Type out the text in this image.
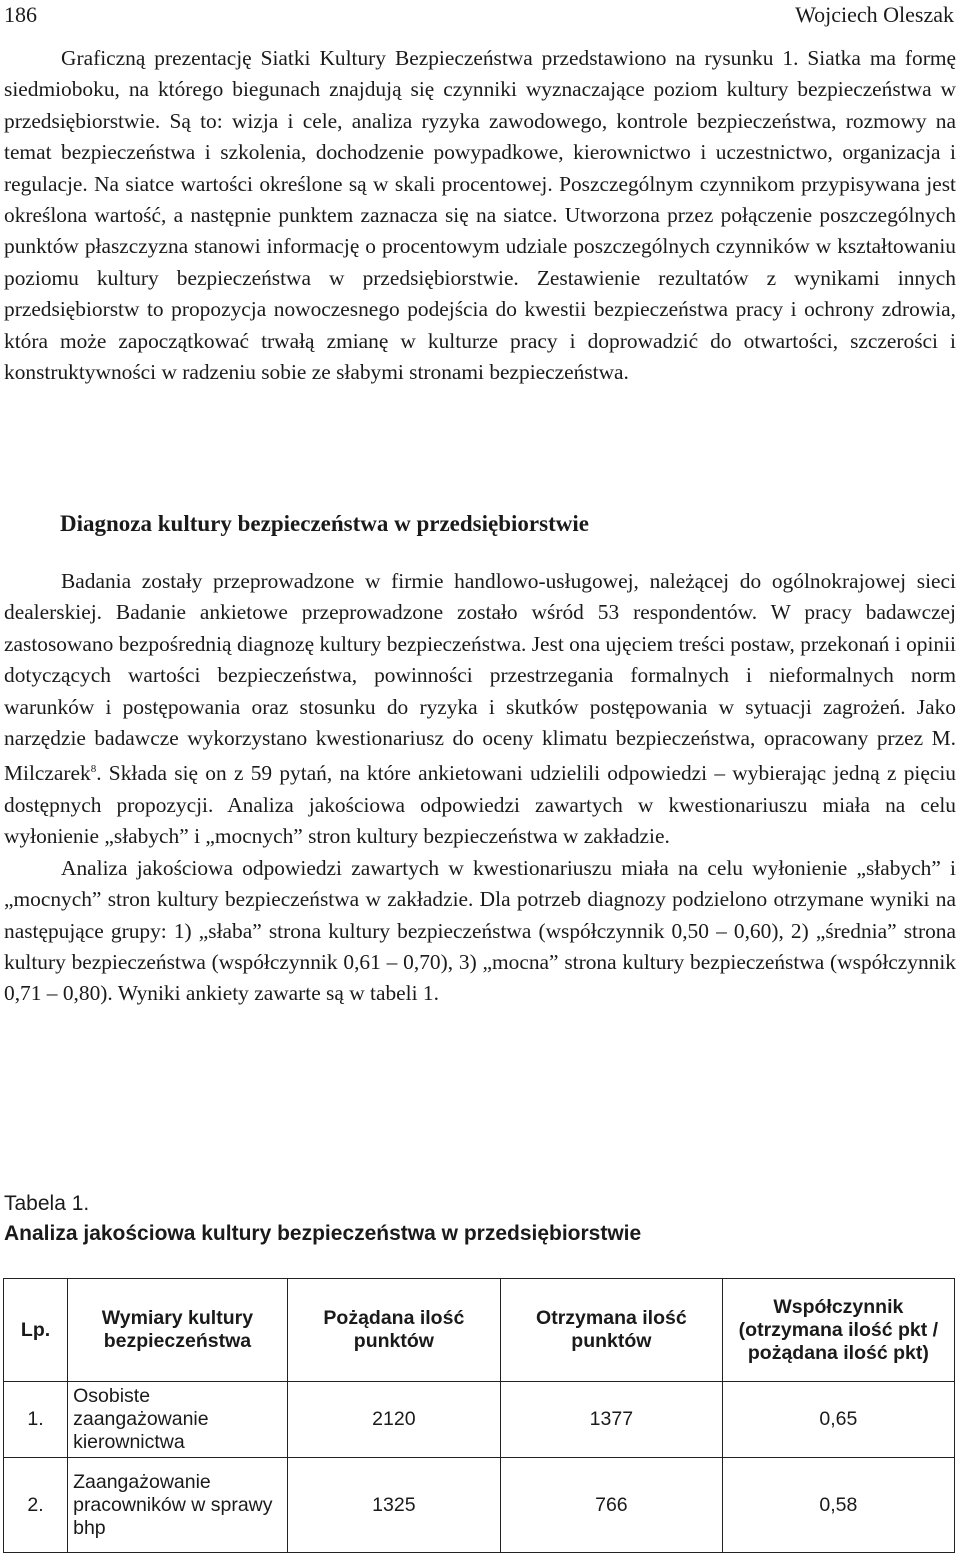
186	Wojciech Oleszak

Graficzną prezentację Siatki Kultury Bezpieczeństwa przedstawiono na rysunku 1. Siatka ma formę siedmioboku, na którego biegunach znajdują się czynniki wyznaczające poziom kultury bezpieczeństwa w przedsiębiorstwie. Są to: wizja i cele, analiza ryzyka zawodowego, kontrole bezpieczeństwa, rozmowy na temat bezpieczeństwa i szkolenia, dochodzenie powypadkowe, kierownictwo i uczestnictwo, organizacja i regulacje. Na siatce wartości określone są w skali procentowej. Poszczególnym czynnikom przypisywana jest określona wartość, a następnie punktem zaznacza się na siatce. Utworzona przez połączenie poszczególnych punktów płaszczyzna stanowi informację o procentowym udziale poszczególnych czynników w kształtowaniu poziomu kultury bezpieczeństwa w przedsiębiorstwie. Zestawienie rezultatów z wynikami innych przedsiębiorstw to propozycja nowoczesnego podejścia do kwestii bezpieczeństwa pracy i ochrony zdrowia, która może zapoczątkować trwałą zmianę w kulturze pracy i doprowadzić do otwartości, szczerości i konstruktywności w radzeniu sobie ze słabymi stronami bezpieczeństwa.

Diagnoza kultury bezpieczeństwa w przedsiębiorstwie

Badania zostały przeprowadzone w firmie handlowo-usługowej, należącej do ogólnokrajowej sieci dealerskiej. Badanie ankietowe przeprowadzone zostało wśród 53 respondentów. W pracy badawczej zastosowano bezpośrednią diagnozę kultury bezpieczeństwa. Jest ona ujęciem treści postaw, przekonań i opinii dotyczących wartości bezpieczeństwa, powinności przestrzegania formalnych i nieformalnych norm warunków i postępowania oraz stosunku do ryzyka i skutków postępowania w sytuacji zagrożeń. Jako narzędzie badawcze wykorzystano kwestionariusz do oceny klimatu bezpieczeństwa, opracowany przez M. Milczarek$^8$. Składa się on z 59 pytań, na które ankietowani udzielili odpowiedzi – wybierając jedną z pięciu dostępnych propozycji. Analiza jakościowa odpowiedzi zawartych w kwestionariuszu miała na celu wyłonienie „słabych” i „mocnych” stron kultury bezpieczeństwa w zakładzie.

Analiza jakościowa odpowiedzi zawartych w kwestionariuszu miała na celu wyłonienie „słabych” i „mocnych” stron kultury bezpieczeństwa w zakładzie. Dla potrzeb diagnozy podzielono otrzymane wyniki na następujące grupy: 1) „słaba” strona kultury bezpieczeństwa (współczynnik 0,50 – 0,60), 2) „średnia” strona kultury bezpieczeństwa (współczynnik 0,61 – 0,70), 3) „mocna” strona kultury bezpieczeństwa (współczynnik 0,71 – 0,80). Wyniki ankiety zawarte są w tabeli 1.

Tabela 1.
Analiza jakościowa kultury bezpieczeństwa w przedsiębiorstwie
Lp.	Wymiary kultury bezpieczeństwa	Pożądana ilość punktów	Otrzymana ilość punktów	Współczynnik (otrzymana ilość pkt / pożądana ilość pkt)
1.	Osobiste zaangażowanie kierownictwa	2120	1377	0,65
2.	Zaangażowanie pracowników w sprawy bhp	1325	766	0,58
